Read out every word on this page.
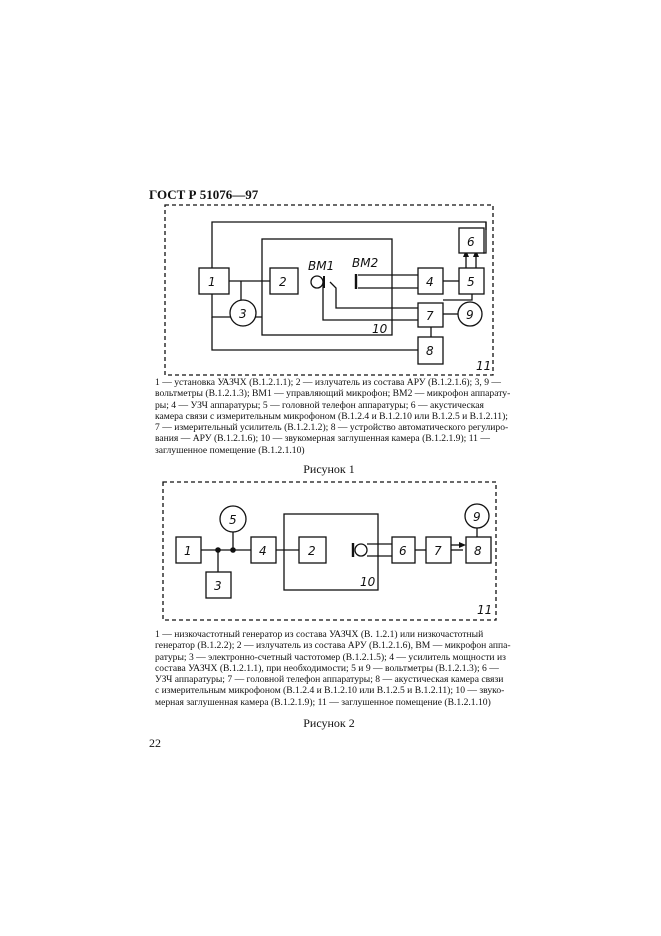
ГОСТ Р 51076—97
1	2
3
4	5
6
7
8
9
BM1 BM2
10
11
1	2
3
4
5
6 7	8
9
10
11
1 — установка УАЗЧХ (В.1.2.1.1); 2 — излучатель из состава АРУ (В.1.2.1.6); 3, 9 —
вольтметры (В.1.2.1.3); ВМ1 — управляющий микрофон; ВМ2 — микрофон аппарату-
ры; 4 — УЗЧ аппаратуры; 5 — головной телефон аппаратуры; 6 — акустическая
камера связи с измерительным микрофоном (В.1.2.4 и В.1.2.10 или В.1.2.5 и В.1.2.11);
7 — измерительный усилитель (В.1.2.1.2); 8 — устройство автоматического регулиро-
вания — АРУ (В.1.2.1.6); 10 — звукомерная заглушенная камера (В.1.2.1.9); 11 —
заглушенное помещение (В.1.2.1.10)
Рисунок 1
1 — низкочастотный генератор из состава УАЗЧХ (В. 1.2.1) или низкочастотный
генератор (В.1.2.2); 2 — излучатель из состава АРУ (В.1.2.1.6), ВМ — микрофон аппа-
ратуры; 3 — электронно-счетный частотомер (В.1.2.1.5); 4 — усилитель мощности из
состава УАЗЧХ (В.1.2.1.1), при необходимости; 5 и 9 — вольтметры (В.1.2.1.3); 6 —
УЗЧ аппаратуры; 7 — головной телефон аппаратуры; 8 — акустическая камера связи
с измерительным микрофоном (В.1.2.4 и В.1.2.10 или В.1.2.5 и В.1.2.11); 10 — звуко-
мерная заглушенная камера (В.1.2.1.9); 11 — заглушенное помещение (В.1.2.1.10)
Рисунок 2
22
